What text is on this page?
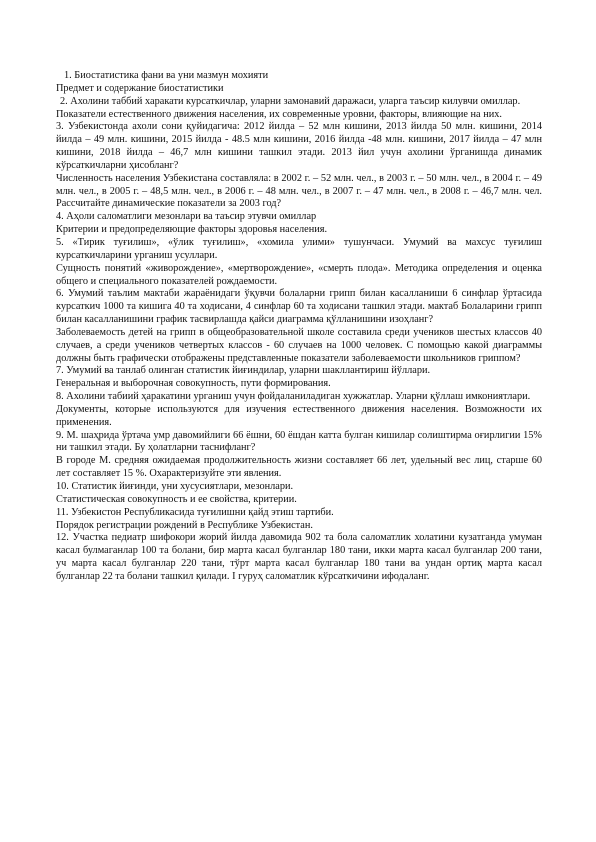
1. Биостатистика фани ва уни мазмун мохияти

Предмет и содержание биостатистики

2. Ахолини таббий харакати курсаткичлар, уларни замонавий даражаси, уларга таъсир килувчи омиллар.

Показатели естественного движения населения, их современные уровни, факторы, влияющие на них.

3. Узбекистонда ахоли сони қуйидагича: 2012 йилда – 52 млн кишини, 2013 йилда 50 млн. кишини, 2014 йилда – 49 млн. кишини, 2015 йилда - 48.5 млн кишини, 2016 йилда -48 млн. кишини, 2017 йилда – 47 млн кишини, 2018 йилда – 46,7 млн кишини ташкил этади. 2013 йил учун ахолини ўрганишда динамик кўрсаткичларни ҳисобланг?

Численность населения Узбекистана составляла: в 2002 г. – 52 млн. чел., в 2003 г. – 50 млн. чел., в 2004 г. – 49 млн. чел., в 2005 г. – 48,5 млн. чел., в 2006 г. – 48 млн. чел., в 2007 г. – 47 млн. чел., в 2008 г. – 46,7 млн. чел. Рассчитайте динамические показатели за 2003 год?

4. Аҳоли саломатлиги мезонлари ва таъсир этувчи омиллар

Критерии и предопределяющие факторы здоровья населения.

5. «Тирик туғилиш», «ўлик туғилиш», «хомила улими» тушунчаси. Умумий ва махсус туғилиш курсаткичларини урганиш усуллари.

Сущность понятий «живорождение», «мертворождение», «смерть плода». Методика определения и оценка общего и специального показателей рождаемости.

6. Умумий таълим мактаби жараёнидаги ўқувчи болаларни грипп билан касалланиши 6 синфлар ўртасида курсаткич 1000 та кишига 40 та ходисани, 4 синфлар 60 та ходисани ташкил этади. мактаб Болаларини грипп билан касалланишини график тасвирлашда қайси диаграмма қўлланишини изоҳланг?

Заболеваемость детей на грипп в общеобразовательной школе составила среди учеников шестых классов 40 случаев, а среди учеников четвертых классов - 60 случаев на 1000 человек. С помощью какой диаграммы должны быть графически отображены представленные показатели заболеваемости школьников гриппом?

7. Умумий ва танлаб олинган статистик йиғиндилар, уларни шакллантириш йўллари.

Генеральная и выборочная совокупность, пути формирования.

8. Ахолини табиий ҳаракатини урганиш учун фойдаланиладиган хужжатлар. Уларни қўллаш имкониятлари.

Документы, которые используются для изучения естественного движения населения. Возможности их применения.

9. М. шаҳрида ўртача умр давомийлиги 66 ёшни, 60 ёшдан катта булган кишилар солиштирма оғирлигии 15% ни ташкил этади. Бу ҳолатларни таснифланг?

В городе М. средняя ожидаемая продолжительность жизни составляет 66 лет, удельный вес лиц, старше 60 лет составляет 15 %. Охарактеризуйте эти явления.

10. Статистик йиғинди, уни хусусиятлари, мезонлари.

Статистическая совокупность и ее свойства, критерии.

11. Узбекистон Республикасида туғилишни қайд этиш тартиби.

Порядок регистрации рождений в Республике Узбекистан.

12. Участка педиатр шифокори жорий йилда давомида 902 та бола саломатлик холатини кузатганда умуман касал булмаганлар 100 та болани, бир марта касал булганлар 180 тани, икки марта касал булганлар 200 тани, уч марта касал булганлар 220 тани, тўрт марта касал булганлар 180 тани ва ундан ортиқ марта касал булганлар 22 та болани ташкил қилади. I гуруҳ саломатлик кўрсаткичини ифодаланг.
